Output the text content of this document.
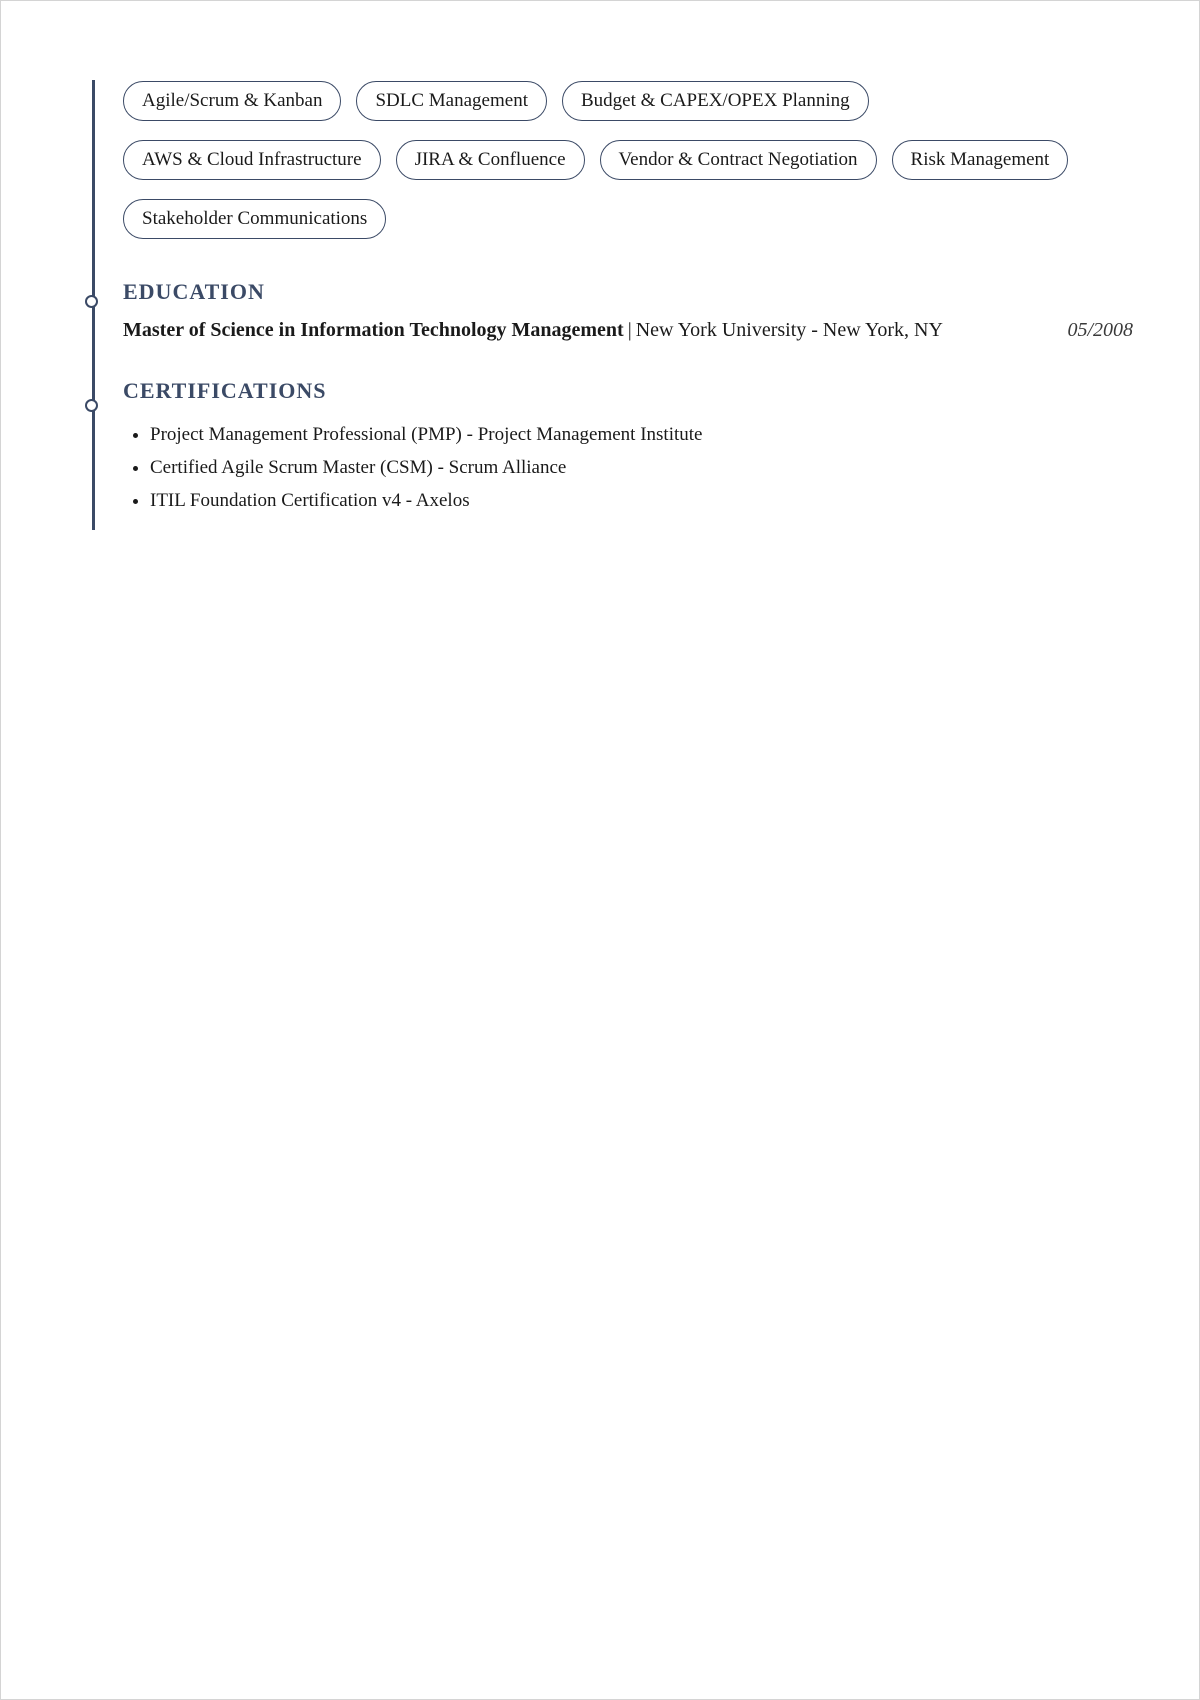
Agile/Scrum & Kanban	SDLC Management	Budget & CAPEX/OPEX Planning
AWS & Cloud Infrastructure	JIRA & Confluence	Vendor & Contract Negotiation	Risk Management
Stakeholder Communications
EDUCATION
Master of Science in Information Technology Management | New York University - New York, NY	05/2008
CERTIFICATIONS
• Project Management Professional (PMP) - Project Management Institute
• Certified Agile Scrum Master (CSM) - Scrum Alliance
• ITIL Foundation Certification v4 - Axelos
